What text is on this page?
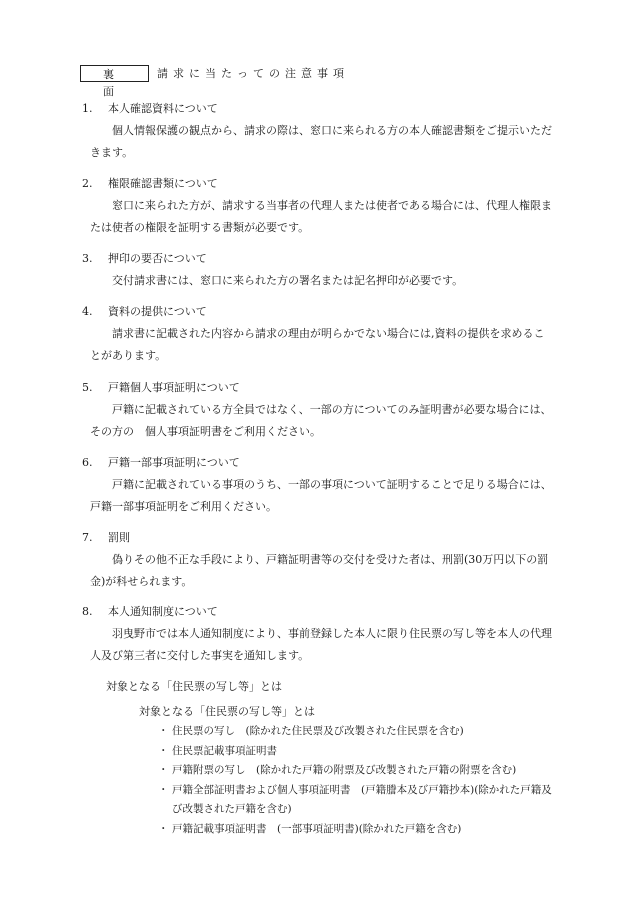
裏面
請求に当たっての注意事項
1.	本人確認資料について
個人情報保護の観点から、請求の際は、窓口に来られる方の本人確認書類をご提示いただきます。
2.	権限確認書類について
窓口に来られた方が、請求する当事者の代理人または使者である場合には、代理人権限または使者の権限を証明する書類が必要です。
3.	押印の要否について
交付請求書には、窓口に来られた方の署名または記名押印が必要です。
4.	資料の提供について
請求書に記載された内容から請求の理由が明らかでない場合には,資料の提供を求めることがあります。
5.	戸籍個人事項証明について
戸籍に記載されている方全員ではなく、一部の方についてのみ証明書が必要な場合には、その方の　個人事項証明書をご利用ください。
6.	戸籍一部事項証明について
戸籍に記載されている事項のうち、一部の事項について証明することで足りる場合には、戸籍一部事項証明をご利用ください。
7.	罰則
偽りその他不正な手段により、戸籍証明書等の交付を受けた者は、刑罰(30万円以下の罰金)が科せられます。
8.	本人通知制度について
羽曳野市では本人通知制度により、事前登録した本人に限り住民票の写し等を本人の代理人及び第三者に交付した事実を通知します。
対象となる「住民票の写し等」とは
対象となる「住民票の写し等」とは
・ 住民票の写し　(除かれた住民票及び改製された住民票を含む)
・ 住民票記載事項証明書
・ 戸籍附票の写し　(除かれた戸籍の附票及び改製された戸籍の附票を含む)
・ 戸籍全部証明書および個人事項証明書　(戸籍謄本及び戸籍抄本)(除かれた戸籍及び改製された戸籍を含む)
・ 戸籍記載事項証明書　(一部事項証明書)(除かれた戸籍を含む)
